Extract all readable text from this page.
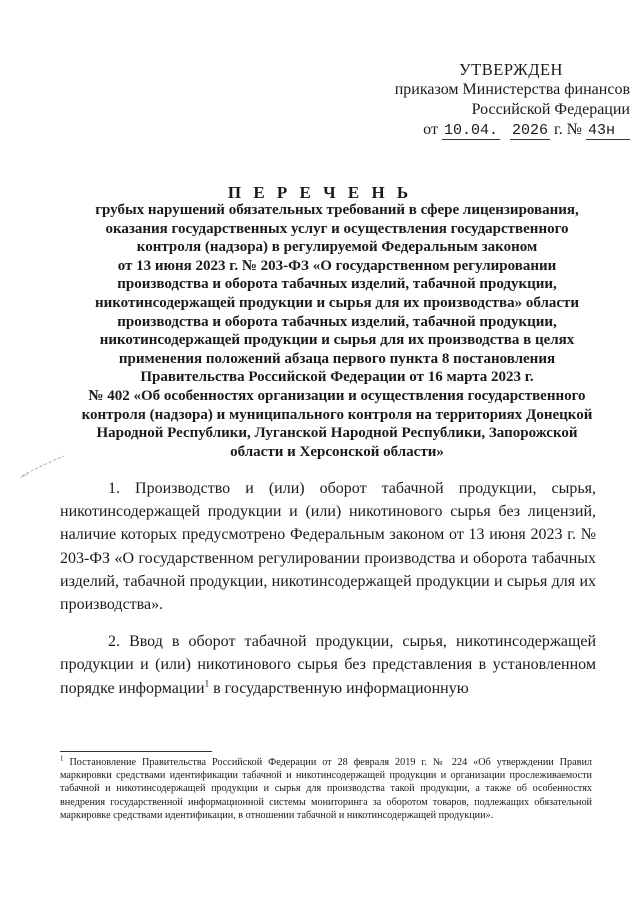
УТВЕРЖДЕН
приказом Министерства финансов
Российской Федерации
от 10.04. 2026 г. № 43н
П Е Р Е Ч Е Н Ь
грубых нарушений обязательных требований в сфере лицензирования,
оказания государственных услуг и осуществления государственного
контроля (надзора) в регулируемой Федеральным законом
от 13 июня 2023 г. № 203-ФЗ «О государственном регулировании
производства и оборота табачных изделий, табачной продукции,
никотинсодержащей продукции и сырья для их производства» области
производства и оборота табачных изделий, табачной продукции,
никотинсодержащей продукции и сырья для их производства в целях
применения положений абзаца первого пункта 8 постановления
Правительства Российской Федерации от 16 марта 2023 г.
№ 402 «Об особенностях организации и осуществления государственного
контроля (надзора) и муниципального контроля на территориях Донецкой
Народной Республики, Луганской Народной Республики, Запорожской
области и Херсонской области»

1. Производство и (или) оборот табачной продукции, сырья, никотинсодержащей продукции и (или) никотинового сырья без лицензий, наличие которых предусмотрено Федеральным законом от 13 июня 2023 г. № 203-ФЗ «О государственном регулировании производства и оборота табачных изделий, табачной продукции, никотинсодержащей продукции и сырья для их производства».

2. Ввод в оборот табачной продукции, сырья, никотинсодержащей продукции и (или) никотинового сырья без представления в установленном порядке информации$^1$ в государственную информационную

$^1$ Постановление Правительства Российской Федерации от 28 февраля 2019 г. № 224 «Об утверждении Правил маркировки средствами идентификации табачной и никотинсодержащей продукции и организации прослеживаемости табачной и никотинсодержащей продукции и сырья для производства такой продукции, а также об особенностях внедрения государственной информационной системы мониторинга за оборотом товаров, подлежащих обязательной маркировке средствами идентификации, в отношении табачной и никотинсодержащей продукции».
